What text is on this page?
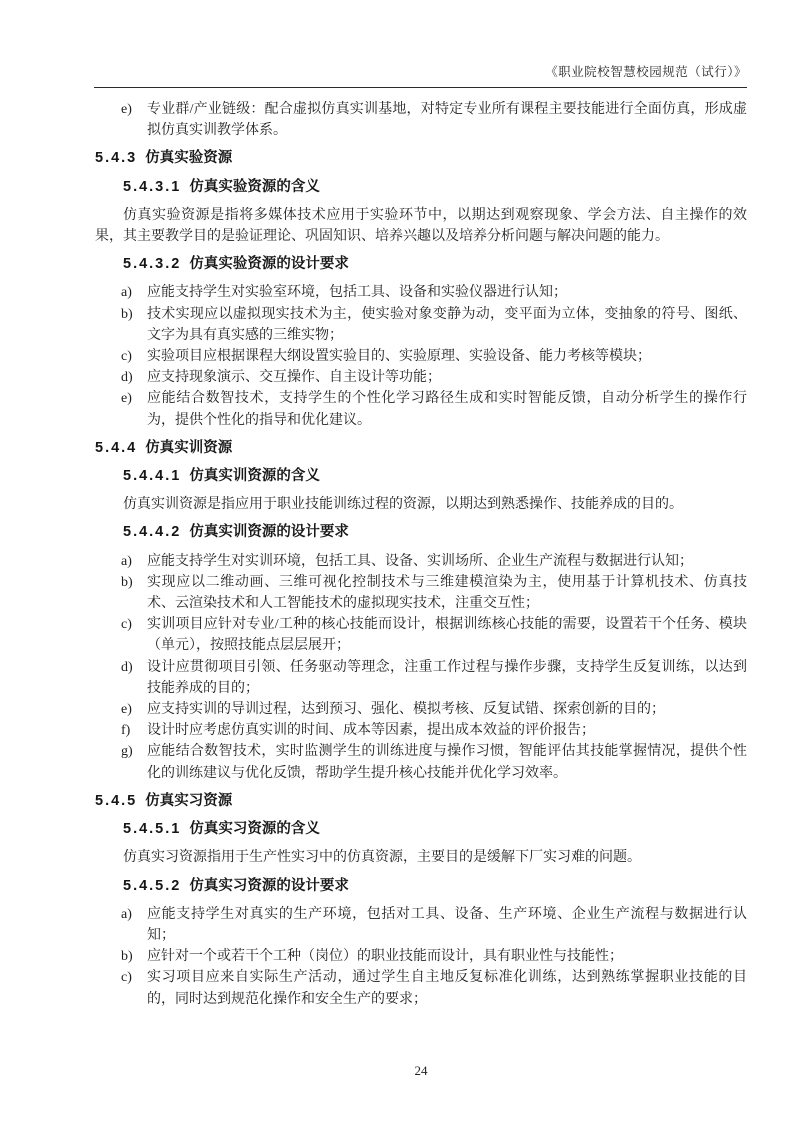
《职业院校智慧校园规范（试行）》
e) 专业群/产业链级：配合虚拟仿真实训基地，对特定专业所有课程主要技能进行全面仿真，形成虚拟仿真实训教学体系。
5.4.3 仿真实验资源
5.4.3.1 仿真实验资源的含义

仿真实验资源是指将多媒体技术应用于实验环节中，以期达到观察现象、学会方法、自主操作的效果，其主要教学目的是验证理论、巩固知识、培养兴趣以及培养分析问题与解决问题的能力。

5.4.3.2 仿真实验资源的设计要求
a) 应能支持学生对实验室环境，包括工具、设备和实验仪器进行认知；
b) 技术实现应以虚拟现实技术为主，使实验对象变静为动，变平面为立体，变抽象的符号、图纸、文字为具有真实感的三维实物；
c) 实验项目应根据课程大纲设置实验目的、实验原理、实验设备、能力考核等模块；
d) 应支持现象演示、交互操作、自主设计等功能；
e) 应能结合数智技术，支持学生的个性化学习路径生成和实时智能反馈，自动分析学生的操作行为，提供个性化的指导和优化建议。
5.4.4 仿真实训资源
5.4.4.1 仿真实训资源的含义

仿真实训资源是指应用于职业技能训练过程的资源，以期达到熟悉操作、技能养成的目的。

5.4.4.2 仿真实训资源的设计要求
a) 应能支持学生对实训环境，包括工具、设备、实训场所、企业生产流程与数据进行认知；
b) 实现应以二维动画、三维可视化控制技术与三维建模渲染为主，使用基于计算机技术、仿真技术、云渲染技术和人工智能技术的虚拟现实技术，注重交互性；
c) 实训项目应针对专业/工种的核心技能而设计，根据训练核心技能的需要，设置若干个任务、模块（单元），按照技能点层层展开；
d) 设计应贯彻项目引领、任务驱动等理念，注重工作过程与操作步骤，支持学生反复训练，以达到技能养成的目的；
e) 应支持实训的导训过程，达到预习、强化、模拟考核、反复试错、探索创新的目的；
f) 设计时应考虑仿真实训的时间、成本等因素，提出成本效益的评价报告；
g) 应能结合数智技术，实时监测学生的训练进度与操作习惯，智能评估其技能掌握情况，提供个性化的训练建议与优化反馈，帮助学生提升核心技能并优化学习效率。
5.4.5 仿真实习资源
5.4.5.1 仿真实习资源的含义

仿真实习资源指用于生产性实习中的仿真资源，主要目的是缓解下厂实习难的问题。

5.4.5.2 仿真实习资源的设计要求
a) 应能支持学生对真实的生产环境，包括对工具、设备、生产环境、企业生产流程与数据进行认知；
b) 应针对一个或若干个工种（岗位）的职业技能而设计，具有职业性与技能性；
c) 实习项目应来自实际生产活动，通过学生自主地反复标准化训练，达到熟练掌握职业技能的目的，同时达到规范化操作和安全生产的要求；
24
